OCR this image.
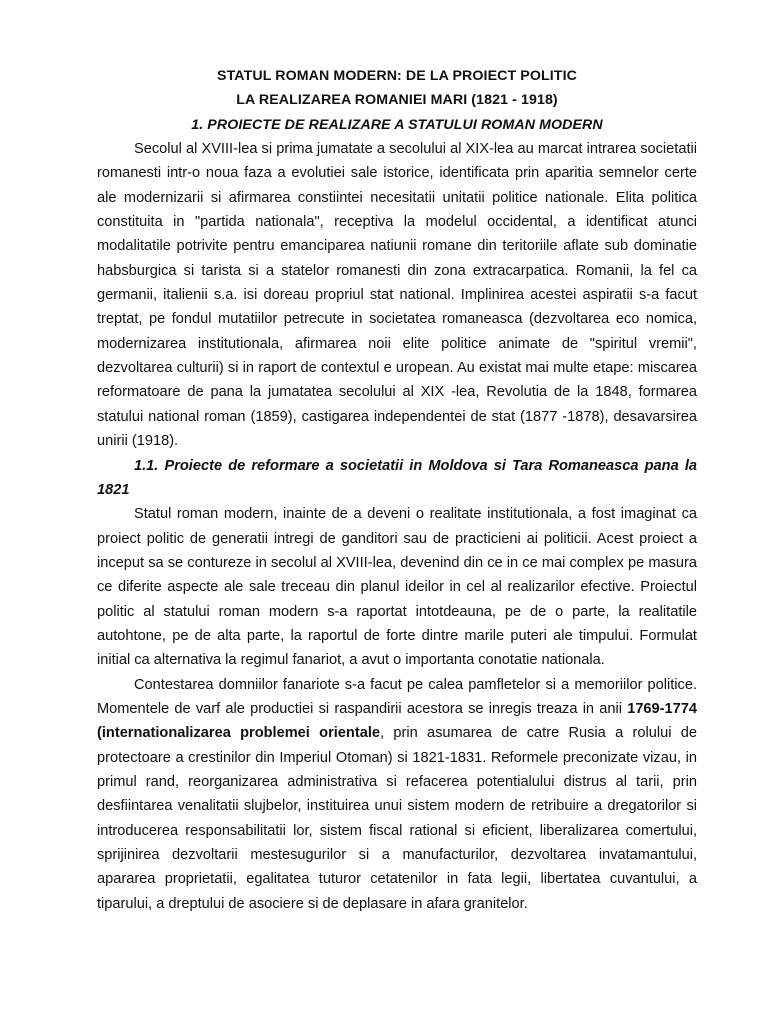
STATUL ROMAN MODERN: DE LA PROIECT POLITIC

LA REALIZAREA ROMANIEI MARI (1821 - 1918)

1. PROIECTE DE REALIZARE A STATULUI ROMAN MODERN

Secolul al XVIII-lea si prima jumatate a secolului al XIX-lea au marcat intrarea societatii romanesti intr-o noua faza a evolutiei sale istorice, identificata prin aparitia semnelor certe ale modernizarii si afirmarea constiintei necesitatii unitatii politice nationale. Elita politica constituita in "partida nationala", receptiva la modelul occidental, a identificat atunci modalitatile potrivite pentru emanciparea natiunii romane din teritoriile aflate sub dominatie habsburgica si tarista si a statelor romanesti din zona extracarpatica. Romanii, la fel ca germanii, italienii s.a. isi doreau propriul stat national. Implinirea acestei aspiratii s-a facut treptat, pe fondul mutatiilor petrecute in societatea romaneasca (dezvoltarea eco nomica, modernizarea institutionala, afirmarea noii elite politice animate de "spiritul vremii", dezvoltarea culturii) si in raport de contextul e uropean. Au existat mai multe etape: miscarea reformatoare de pana la jumatatea secolului al XIX -lea, Revolutia de la 1848, formarea statului national roman (1859), castigarea independentei de stat (1877 -1878), desavarsirea unirii (1918).

1.1. Proiecte de reformare a societatii in Moldova si Tara Romaneasca pana la 1821

Statul roman modern, inainte de a deveni o realitate institutionala, a fost imaginat ca proiect politic de generatii intregi de ganditori sau de practicieni ai politicii. Acest proiect a inceput sa se contureze in secolul al XVIII-lea, devenind din ce in ce mai complex pe masura ce diferite aspecte ale sale treceau din planul ideilor in cel al realizarilor efective. Proiectul politic al statului roman modern s-a raportat intotdeauna, pe de o parte, la realitatile autohtone, pe de alta parte, la raportul de forte dintre marile puteri ale timpului. Formulat initial ca alternativa la regimul fanariot, a avut o importanta conotatie nationala.

Contestarea domniilor fanariote s-a facut pe calea pamfletelor si a memoriilor politice. Momentele de varf ale productiei si raspandirii acestora se inregis treaza in anii 1769-1774 (internationalizarea problemei orientale, prin asumarea de catre Rusia a rolului de protectoare a crestinilor din Imperiul Otoman) si 1821-1831. Reformele preconizate vizau, in primul rand, reorganizarea administrativa si refacerea potentialului distrus al tarii, prin desfiintarea venalitatii slujbelor, instituirea unui sistem modern de retribuire a dregatorilor si introducerea responsabilitatii lor, sistem fiscal rational si eficient, liberalizarea comertului, sprijinirea dezvoltarii mestesugurilor si a manufacturilor, dezvoltarea invatamantului, apararea proprietatii, egalitatea tuturor cetatenilor in fata legii, libertatea cuvantului, a tiparului, a dreptului de asociere si de deplasare in afara granitelor.
